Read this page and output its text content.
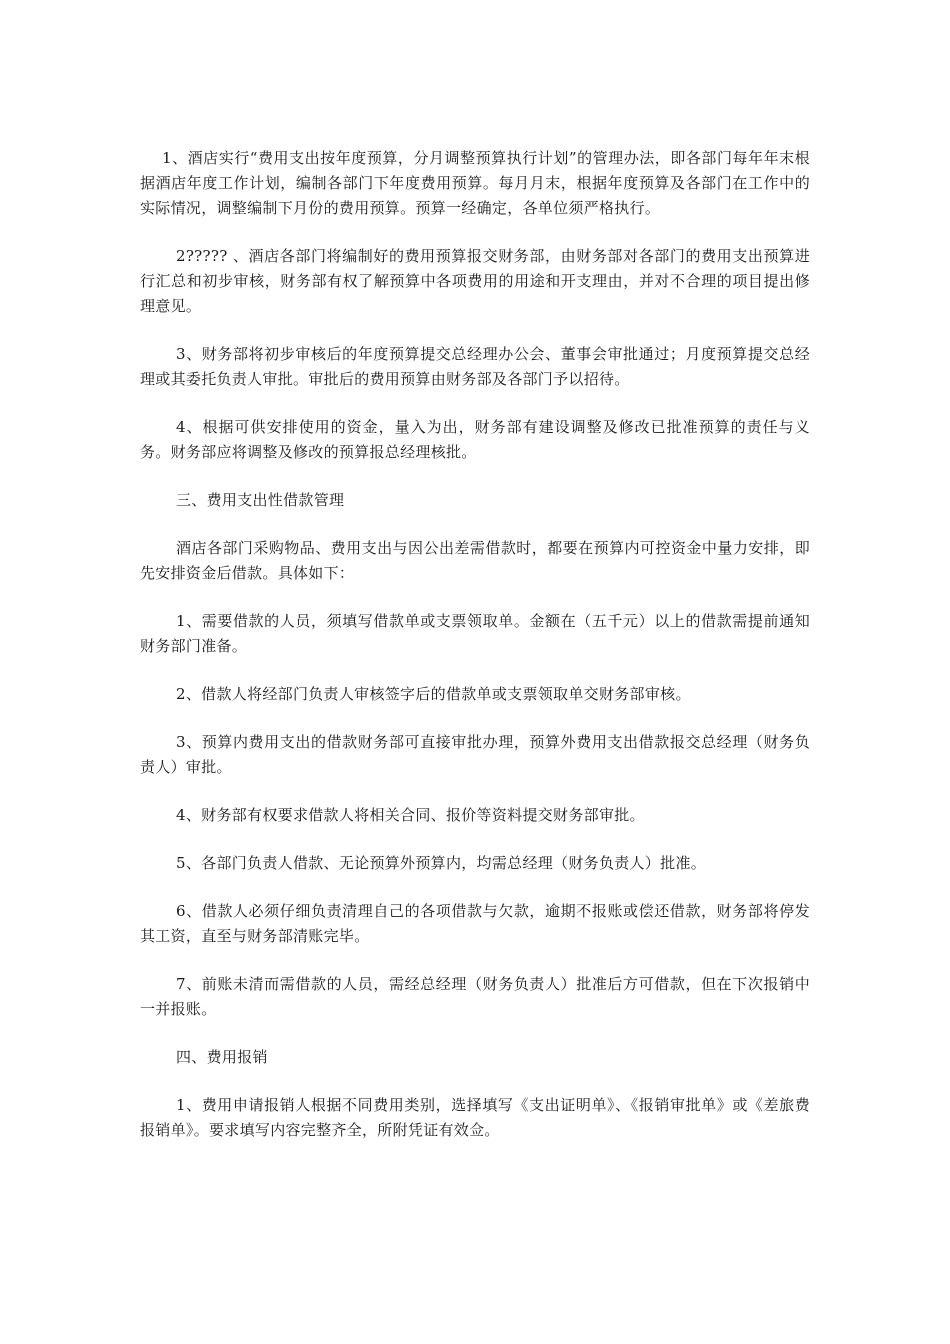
1、酒店实行“费用支出按年度预算，分月调整预算执行计划”的管理办法，即各部门每年年末根据酒店年度工作计划，编制各部门下年度费用预算。每月月末，根据年度预算及各部门在工作中的实际情况，调整编制下月份的费用预算。预算一经确定，各单位须严格执行。

2????? 、酒店各部门将编制好的费用预算报交财务部，由财务部对各部门的费用支出预算进行汇总和初步审核，财务部有权了解预算中各项费用的用途和开支理由，并对不合理的项目提出修理意见。

3、财务部将初步审核后的年度预算提交总经理办公会、董事会审批通过；月度预算提交总经理或其委托负责人审批。审批后的费用预算由财务部及各部门予以招待。

4、根据可供安排使用的资金，量入为出，财务部有建设调整及修改已批准预算的责任与义务。财务部应将调整及修改的预算报总经理核批。

三、费用支出性借款管理

酒店各部门采购物品、费用支出与因公出差需借款时，都要在预算内可控资金中量力安排，即先安排资金后借款。具体如下：

1、需要借款的人员，须填写借款单或支票领取单。金额在（五千元）以上的借款需提前通知财务部门准备。

2、借款人将经部门负责人审核签字后的借款单或支票领取单交财务部审核。

3、预算内费用支出的借款财务部可直接审批办理，预算外费用支出借款报交总经理（财务负责人）审批。

4、财务部有权要求借款人将相关合同、报价等资料提交财务部审批。

5、各部门负责人借款、无论预算外预算内，均需总经理（财务负责人）批准。

6、借款人必须仔细负责清理自己的各项借款与欠款，逾期不报账或偿还借款，财务部将停发其工资，直至与财务部清账完毕。

7、前账未清而需借款的人员，需经总经理（财务负责人）批准后方可借款，但在下次报销中一并报账。

四、费用报销

1、费用申请报销人根据不同费用类别，选择填写《支出证明单》、《报销审批单》或《差旅费报销单》。要求填写内容完整齐全，所附凭证有效佥。
